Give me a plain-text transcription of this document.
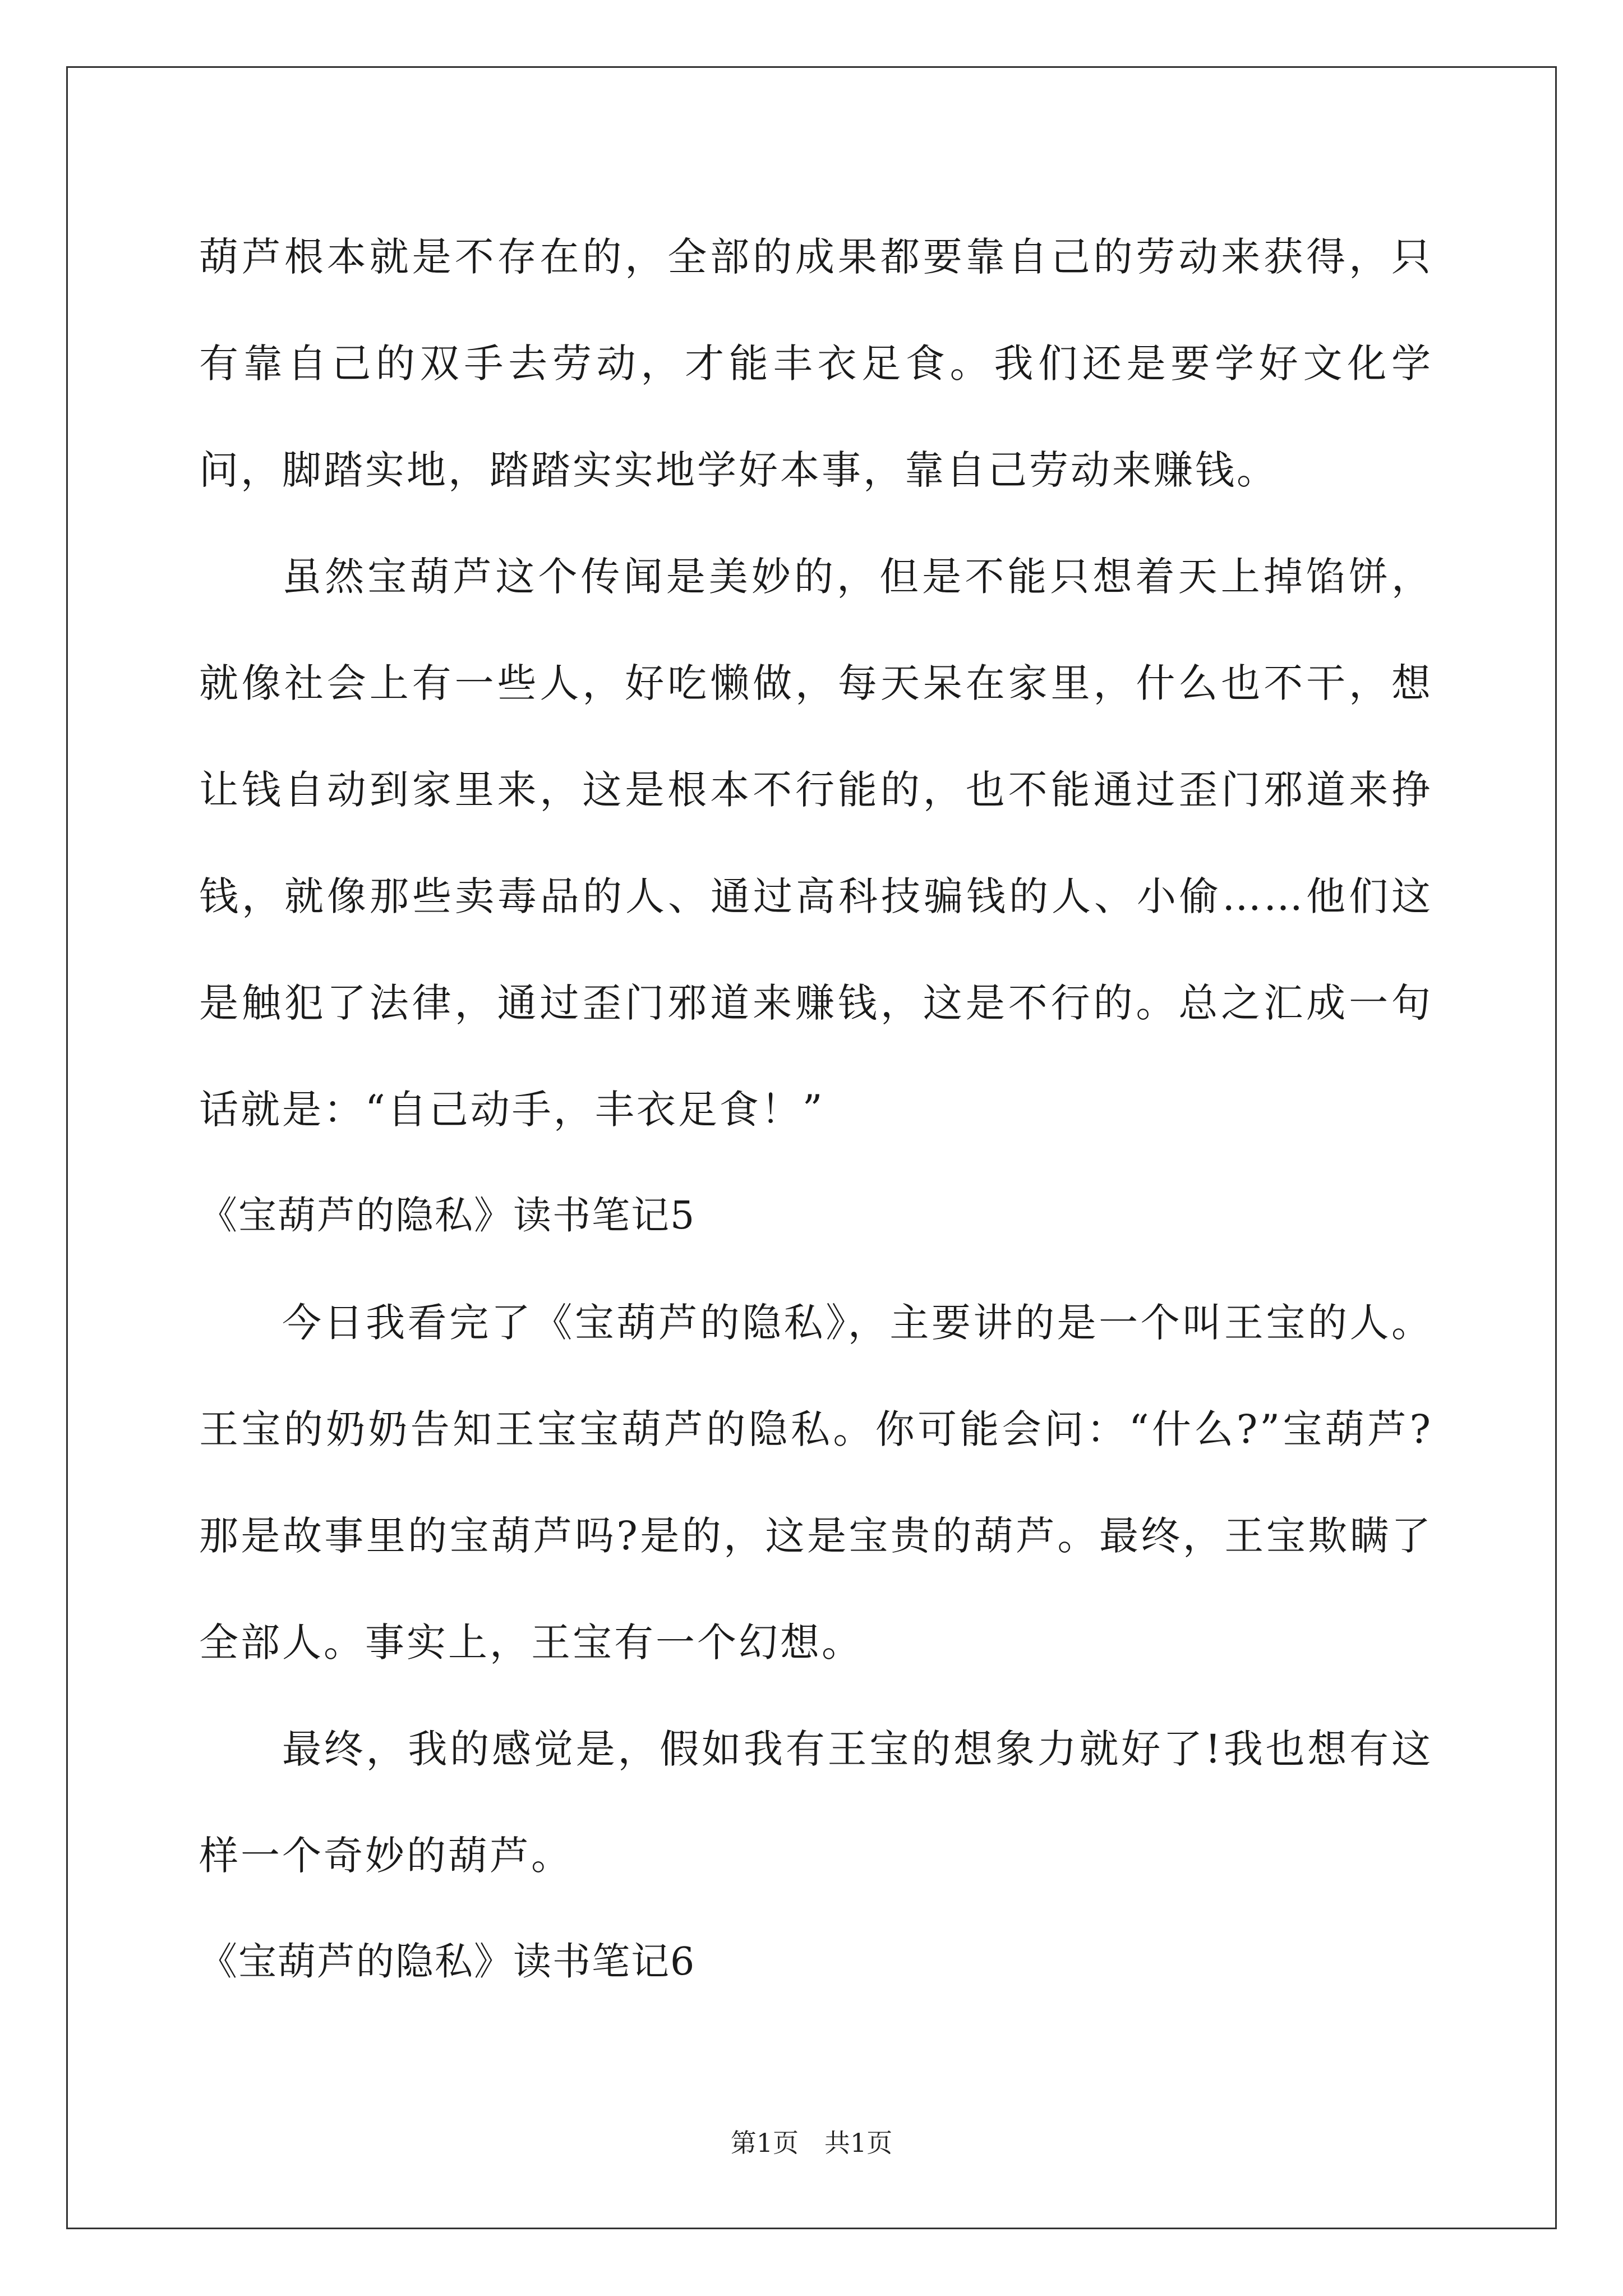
葫芦根本就是不存在的，全部的成果都要靠自己的劳动来获得，只有靠自己的双手去劳动，才能丰衣足食。我们还是要学好文化学问，脚踏实地，踏踏实实地学好本事，靠自己劳动来赚钱。

虽然宝葫芦这个传闻是美妙的，但是不能只想着天上掉馅饼，就像社会上有一些人，好吃懒做，每天呆在家里，什么也不干，想让钱自动到家里来，这是根本不行能的，也不能通过歪门邪道来挣钱，就像那些卖毒品的人、通过高科技骗钱的人、小偷……他们这是触犯了法律，通过歪门邪道来赚钱，这是不行的。总之汇成一句话就是：“自己动手，丰衣足食！”

《宝葫芦的隐私》读书笔记5

今日我看完了《宝葫芦的隐私》，主要讲的是一个叫王宝的人。王宝的奶奶告知王宝宝葫芦的隐私。你可能会问：“什么?”宝葫芦?那是故事里的宝葫芦吗?是的，这是宝贵的葫芦。最终，王宝欺瞒了全部人。事实上，王宝有一个幻想。

最终，我的感觉是，假如我有王宝的想象力就好了!我也想有这样一个奇妙的葫芦。

《宝葫芦的隐私》读书笔记6

第1页　共1页
